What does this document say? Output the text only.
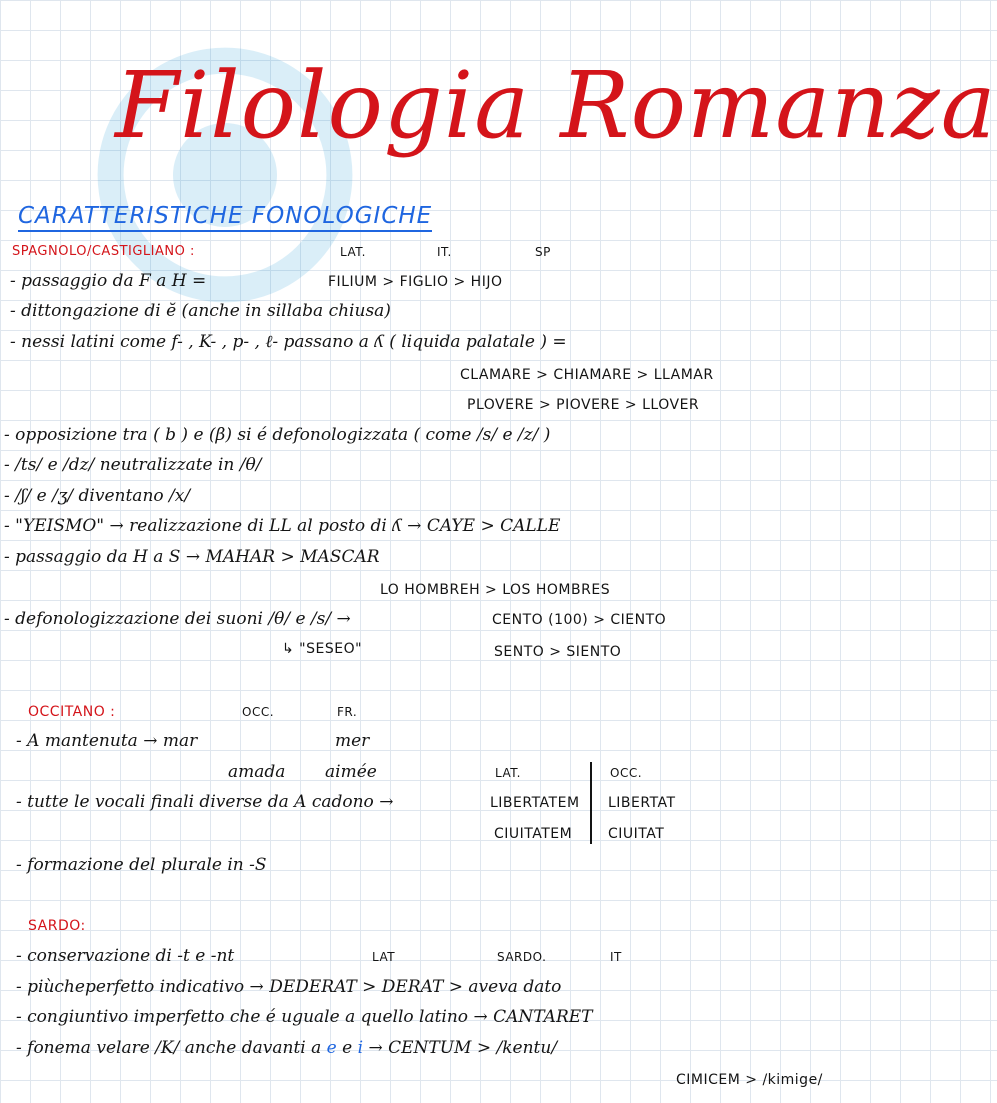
Filologia Romanza
CARATTERISTICHE FONOLOGICHE
SPAGNOLO/CASTIGLIANO :	LAT.	IT.	SP
- passaggio da F a H =	FILIUM > FIGLIO > HIJO
- dittongazione di ĕ (anche in sillaba chiusa)
- nessi latini come f- , K- , p- , ℓ- passano a ʎ ( liquida palatale ) =
CLAMARE > CHIAMARE > LLAMAR
PLOVERE > PIOVERE > LLOVER
- opposizione tra ( b ) e (β) si é defonologizzata ( come /s/ e /z/ )
- /ts/ e /dz/ neutralizzate in /θ/
- /ʃ/ e /ʒ/ diventano /x/
- "YEISMO" → realizzazione di LL al posto di ʎ → CAYE > CALLE
- passaggio da H a S → MAHAR > MASCAR
LO HOMBREH > LOS HOMBRES
- defonologizzazione dei suoni /θ/ e /s/ →	CENTO (100) > CIENTO
↳ "SESEO"	SENTO > SIENTO
OCCITANO :	OCC.	FR.
- A mantenuta → mar	mer
amada aimée	LAT.	OCC.
- tutte le vocali finali diverse da A cadono →	LIBERTATEM LIBERTAT
CIUITATEM	CIUITAT
- formazione del plurale in -S
SARDO:
- conservazione di -t e -nt	LAT	SARDO.	IT
- piùcheperfetto indicativo → DEDERAT > DERAT > aveva dato
- congiuntivo imperfetto che é uguale a quello latino → CANTARET
- fonema velare /K/ anche davanti a e e i → CENTUM > /kentu/
CIMICEM > /kimige/
